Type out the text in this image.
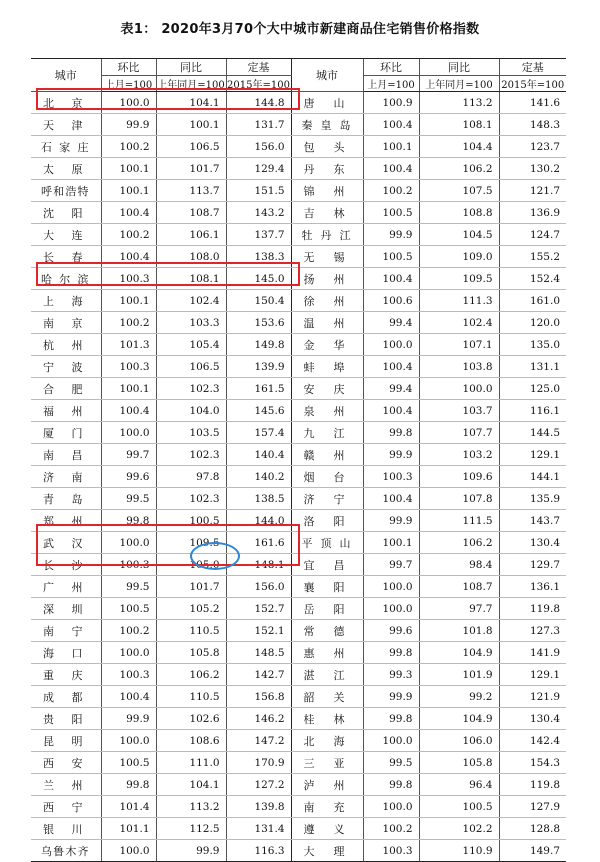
表1： 2020年3月70个大中城市新建商品住宅销售价格指数
城市	环比	同比	定基	城市	环比	同比	定基
	上月=100	上年同月=100	2015年=100		上月=100	上年同月=100	2015年=100
北 京	100.0	104.1	144.8	唐 山	100.9	113.2	141.6
天 津	99.9	100.1	131.7	秦皇岛	100.4	108.1	148.3
石家庄	100.2	106.5	156.0	包 头	100.1	104.4	123.7
太 原	100.1	101.7	129.4	丹 东	100.4	106.2	130.2
呼和浩特	100.1	113.7	151.5	锦 州	100.2	107.5	121.7
沈 阳	100.4	108.7	143.2	吉 林	100.5	108.8	136.9
大 连	100.2	106.1	137.7	牡丹江	99.9	104.5	124.7
长 春	100.4	108.0	138.3	无 锡	100.5	109.0	155.2
哈尔滨	100.3	108.1	145.0	扬 州	100.4	109.5	152.4
上 海	100.1	102.4	150.4	徐 州	100.6	111.3	161.0
南 京	100.2	103.3	153.6	温 州	99.4	102.4	120.0
杭 州	101.3	105.4	149.8	金 华	100.0	107.1	135.0
宁 波	100.3	106.5	139.9	蚌 埠	100.4	103.8	131.1
合 肥	100.1	102.3	161.5	安 庆	99.4	100.0	125.0
福 州	100.4	104.0	145.6	泉 州	100.4	103.7	116.1
厦 门	100.0	103.5	157.4	九 江	99.8	107.7	144.5
南 昌	99.7	102.3	140.4	赣 州	99.9	103.2	129.1
济 南	99.6	97.8	140.2	烟 台	100.3	109.6	144.1
青 岛	99.5	102.3	138.5	济 宁	100.4	107.8	135.9
郑 州	99.8	100.5	144.0	洛 阳	99.9	111.5	143.7
武 汉	100.0	109.5	161.6	平顶山	100.1	106.2	130.4
长 沙	100.3	105.0	148.1	宜 昌	99.7	98.4	129.7
广 州	99.5	101.7	156.0	襄 阳	100.0	108.7	136.1
深 圳	100.5	105.2	152.7	岳 阳	100.0	97.7	119.8
南 宁	100.2	110.5	152.1	常 德	99.6	101.8	127.3
海 口	100.0	105.8	148.5	惠 州	99.8	104.9	141.9
重 庆	100.3	106.2	142.7	湛 江	99.3	101.9	129.1
成 都	100.4	110.5	156.8	韶 关	99.9	99.2	121.9
贵 阳	99.9	102.6	146.2	桂 林	99.8	104.9	130.4
昆 明	100.0	108.6	147.2	北 海	100.0	106.0	142.4
西 安	100.5	111.0	170.9	三 亚	99.5	105.8	154.3
兰 州	99.8	104.1	127.2	泸 州	99.8	96.4	119.8
西 宁	101.4	113.2	139.8	南 充	100.0	100.5	127.9
银 川	101.1	112.5	131.4	遵 义	100.2	102.2	128.8
乌鲁木齐	100.0	99.9	116.3	大 理	100.3	110.9	149.7
